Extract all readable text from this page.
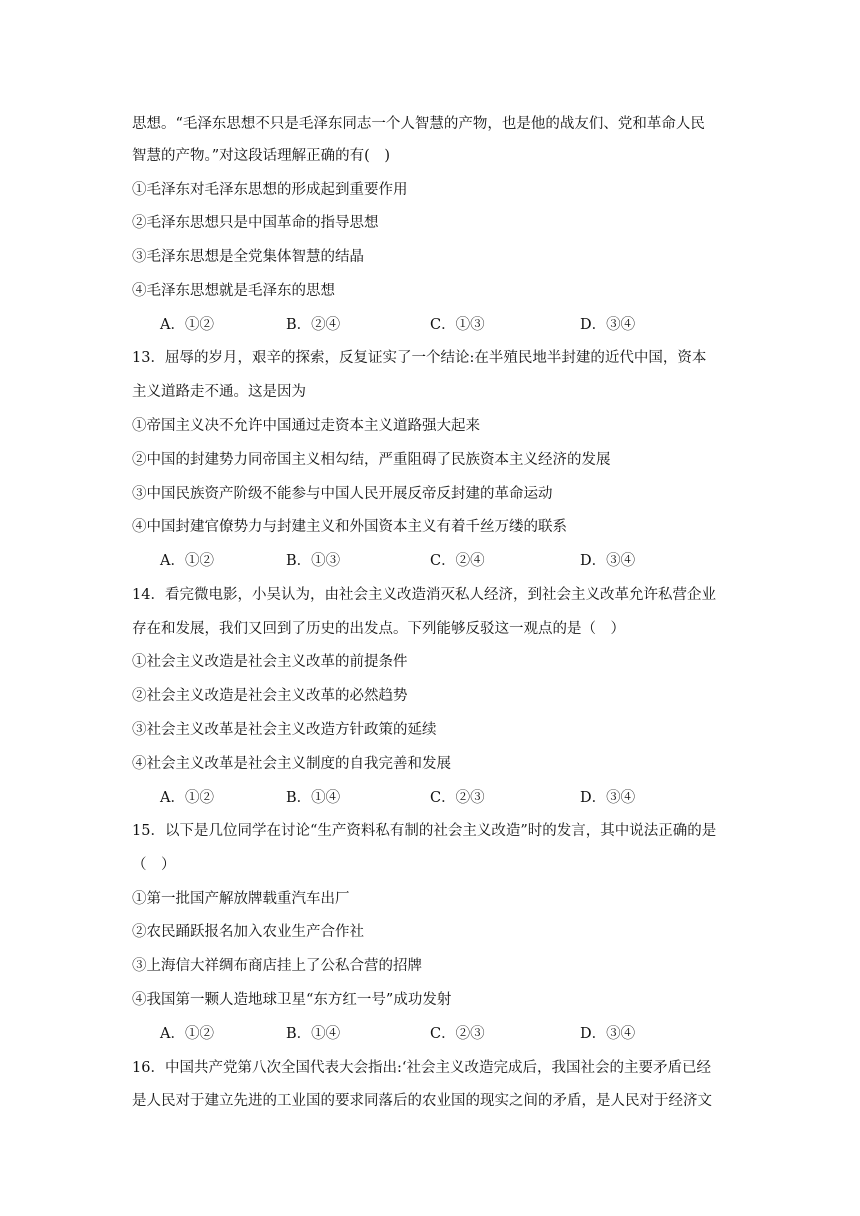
思想。“毛泽东思想不只是毛泽东同志一个人智慧的产物，也是他的战友们、党和革命人民
智慧的产物。”对这段话理解正确的有(　)
①毛泽东对毛泽东思想的形成起到重要作用
②毛泽东思想只是中国革命的指导思想
③毛泽东思想是全党集体智慧的结晶
④毛泽东思想就是毛泽东的思想
A．①②	B．②④	C．①③	D．③④
13．屈辱的岁月，艰辛的探索，反复证实了一个结论:在半殖民地半封建的近代中国，资本
主义道路走不通。这是因为
①帝国主义决不允许中国通过走资本主义道路强大起来
②中国的封建势力同帝国主义相勾结，严重阻碍了民族资本主义经济的发展
③中国民族资产阶级不能参与中国人民开展反帝反封建的革命运动
④中国封建官僚势力与封建主义和外国资本主义有着千丝万缕的联系
A．①②	B．①③	C．②④	D．③④
14．看完微电影，小吴认为，由社会主义改造消灭私人经济，到社会主义改革允许私营企业
存在和发展，我们又回到了历史的出发点。下列能够反驳这一观点的是（　）
①社会主义改造是社会主义改革的前提条件
②社会主义改造是社会主义改革的必然趋势
③社会主义改革是社会主义改造方针政策的延续
④社会主义改革是社会主义制度的自我完善和发展
A．①②	B．①④	C．②③	D．③④
15．以下是几位同学在讨论“生产资料私有制的社会主义改造”时的发言，其中说法正确的是
（　）
①第一批国产解放牌载重汽车出厂
②农民踊跃报名加入农业生产合作社
③上海信大祥绸布商店挂上了公私合营的招牌
④我国第一颗人造地球卫星“东方红一号”成功发射
A．①②	B．①④	C．②③	D．③④
16．中国共产党第八次全国代表大会指出:‘社会主义改造完成后，我国社会的主要矛盾已经
是人民对于建立先进的工业国的要求同落后的农业国的现实之间的矛盾，是人民对于经济文
